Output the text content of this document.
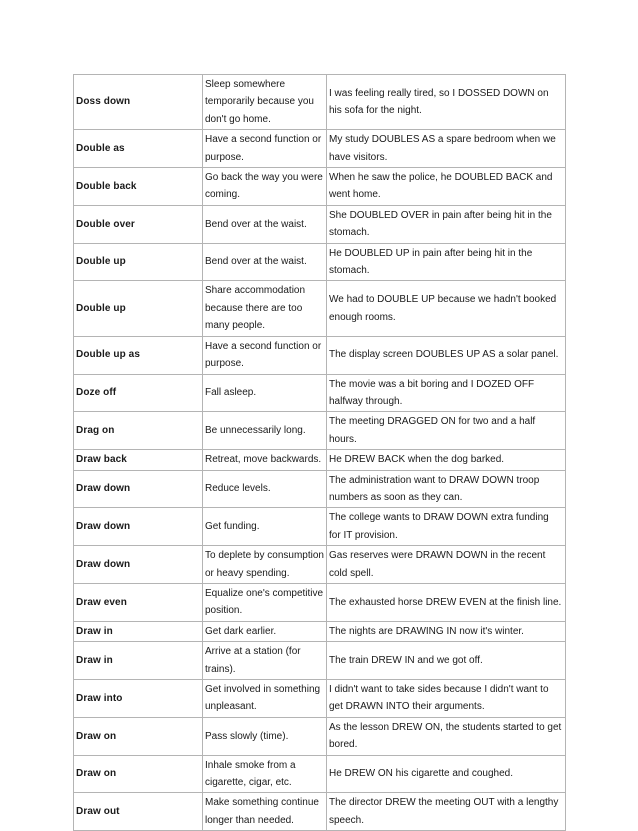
Doss down	Sleep somewhere temporarily because you don't go home.	I was feeling really tired, so I DOSSED DOWN on his sofa for the night.
Double as	Have a second function or purpose.	My study DOUBLES AS a spare bedroom when we have visitors.
Double back	Go back the way you were coming.	When he saw the police, he DOUBLED BACK and went home.
Double over	Bend over at the waist.	She DOUBLED OVER in pain after being hit in the stomach.
Double up	Bend over at the waist.	He DOUBLED UP in pain after being hit in the stomach.
Double up	Share accommodation because there are too many people.	We had to DOUBLE UP because we hadn't booked enough rooms.
Double up as	Have a second function or purpose.	The display screen DOUBLES UP AS a solar panel.
Doze off	Fall asleep.	The movie was a bit boring and I DOZED OFF halfway through.
Drag on	Be unnecessarily long.	The meeting DRAGGED ON for two and a half hours.
Draw back	Retreat, move backwards.	He DREW BACK when the dog barked.
Draw down	Reduce levels.	The administration want to DRAW DOWN troop numbers as soon as they can.
Draw down	Get funding.	The college wants to DRAW DOWN extra funding for IT provision.
Draw down	To deplete by consumption or heavy spending.	Gas reserves were DRAWN DOWN in the recent cold spell.
Draw even	Equalize one's competitive position.	The exhausted horse DREW EVEN at the finish line.
Draw in	Get dark earlier.	The nights are DRAWING IN now it's winter.
Draw in	Arrive at a station (for trains).	The train DREW IN and we got off.
Draw into	Get involved in something unpleasant.	I didn't want to take sides because I didn't want to get DRAWN INTO their arguments.
Draw on	Pass slowly (time).	As the lesson DREW ON, the students started to get bored.
Draw on	Inhale smoke from a cigarette, cigar, etc.	He DREW ON his cigarette and coughed.
Draw out	Make something continue longer than needed.	The director DREW the meeting OUT with a lengthy speech.
